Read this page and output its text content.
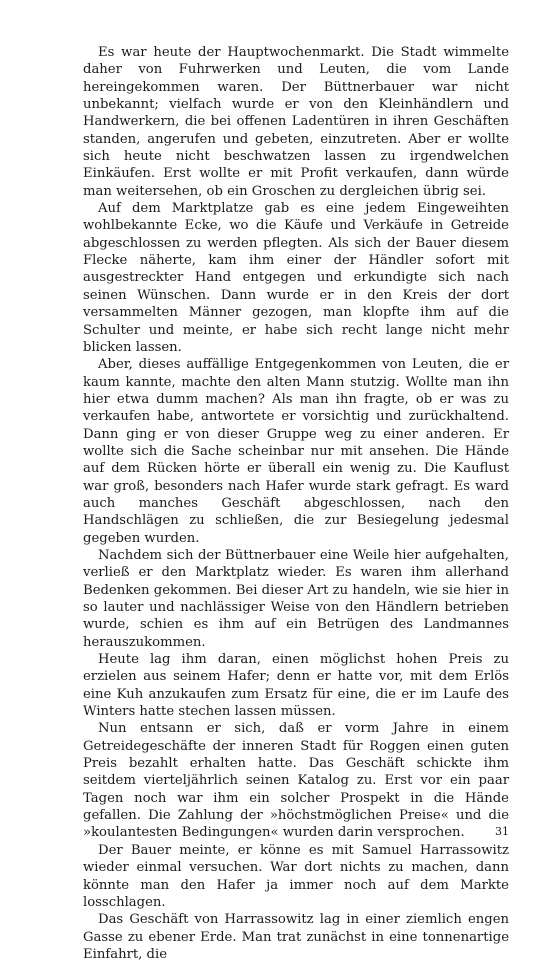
Es war heute der Hauptwochenmarkt. Die Stadt wimmelte daher von Fuhrwerken und Leuten, die vom Lande hereingekommen waren. Der Büttnerbauer war nicht unbekannt; vielfach wurde er von den Kleinhändlern und Handwerkern, die bei offenen Ladentüren in ihren Geschäften standen, angerufen und gebeten, einzutreten. Aber er wollte sich heute nicht beschwatzen lassen zu irgendwelchen Einkäufen. Erst wollte er mit Profit verkaufen, dann würde man weitersehen, ob ein Groschen zu dergleichen übrig sei.

Auf dem Marktplatze gab es eine jedem Eingeweihten wohlbekannte Ecke, wo die Käufe und Verkäufe in Getreide abgeschlossen zu werden pflegten. Als sich der Bauer diesem Flecke näherte, kam ihm einer der Händler sofort mit ausgestreckter Hand entgegen und erkundigte sich nach seinen Wünschen. Dann wurde er in den Kreis der dort versammelten Männer gezogen, man klopfte ihm auf die Schulter und meinte, er habe sich recht lange nicht mehr blicken lassen.

Aber, dieses auffällige Entgegenkommen von Leuten, die er kaum kannte, machte den alten Mann stutzig. Wollte man ihn hier etwa dumm machen? Als man ihn fragte, ob er was zu verkaufen habe, antwortete er vorsichtig und zurückhaltend. Dann ging er von dieser Gruppe weg zu einer anderen. Er wollte sich die Sache scheinbar nur mit ansehen. Die Hände auf dem Rücken hörte er überall ein wenig zu. Die Kauflust war groß, besonders nach Hafer wurde stark gefragt. Es ward auch manches Geschäft abgeschlossen, nach den Handschlägen zu schließen, die zur Besiegelung jedesmal gegeben wurden.

Nachdem sich der Büttnerbauer eine Weile hier aufgehalten, verließ er den Marktplatz wieder. Es waren ihm allerhand Bedenken gekommen. Bei dieser Art zu handeln, wie sie hier in so lauter und nachlässiger Weise von den Händlern betrieben wurde, schien es ihm auf ein Betrügen des Landmannes herauszukommen.

Heute lag ihm daran, einen möglichst hohen Preis zu erzielen aus seinem Hafer; denn er hatte vor, mit dem Erlös eine Kuh anzukaufen zum Ersatz für eine, die er im Laufe des Winters hatte stechen lassen müssen.

Nun entsann er sich, daß er vorm Jahre in einem Getreidegeschäfte der inneren Stadt für Roggen einen guten Preis bezahlt erhalten hatte. Das Geschäft schickte ihm seitdem vierteljährlich seinen Katalog zu. Erst vor ein paar Tagen noch war ihm ein solcher Prospekt in die Hände gefallen. Die Zahlung der »höchstmöglichen Preise« und die »koulantesten Bedingungen« wurden darin versprochen.

Der Bauer meinte, er könne es mit Samuel Harrassowitz wieder einmal versuchen. War dort nichts zu machen, dann könnte man den Hafer ja immer noch auf dem Markte losschlagen.

Das Geschäft von Harrassowitz lag in einer ziemlich engen Gasse zu ebener Erde. Man trat zunächst in eine tonnenartige Einfahrt, die

31
